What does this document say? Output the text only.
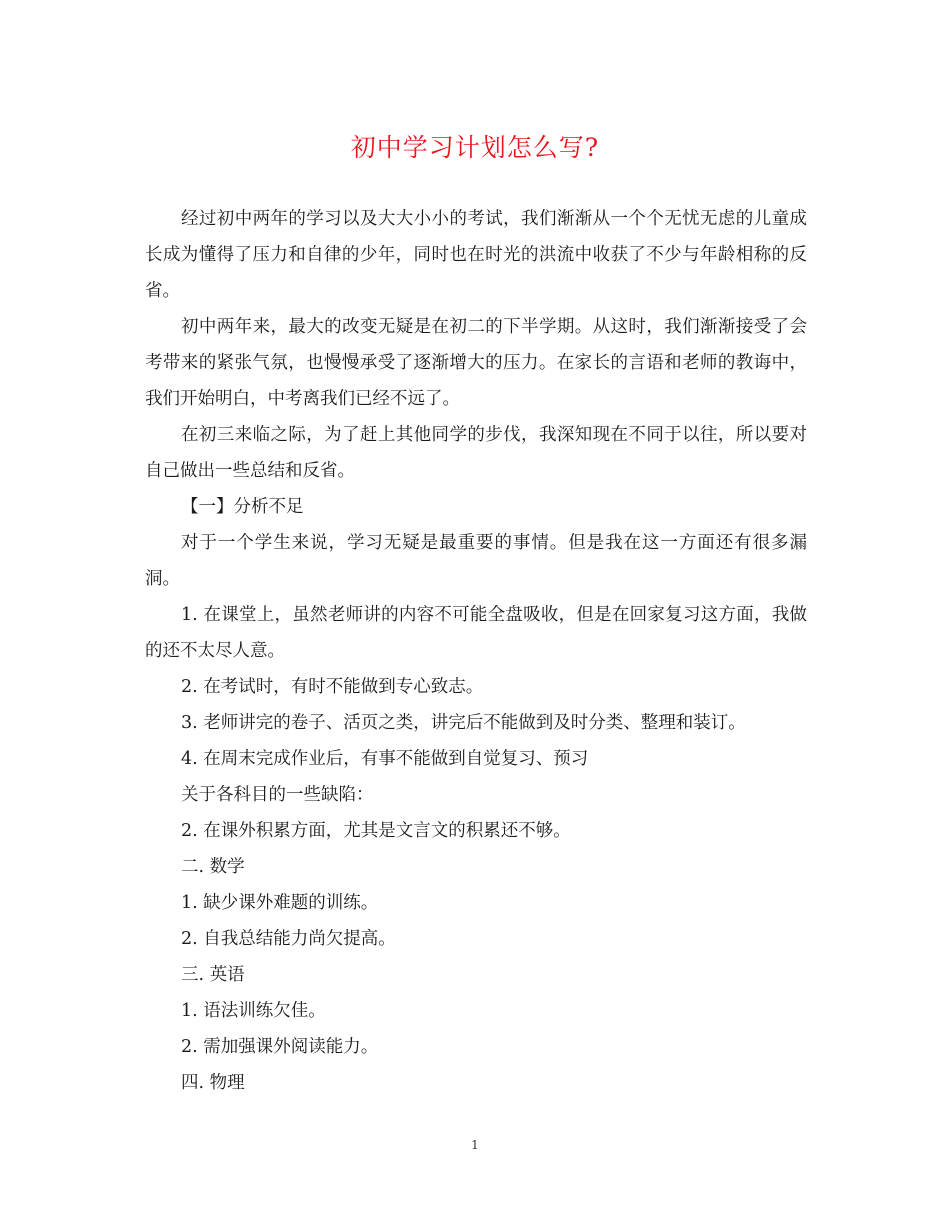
初中学习计划怎么写?

经过初中两年的学习以及大大小小的考试，我们渐渐从一个个无忧无虑的儿童成长成为懂得了压力和自律的少年，同时也在时光的洪流中收获了不少与年龄相称的反省。

初中两年来，最大的改变无疑是在初二的下半学期。从这时，我们渐渐接受了会考带来的紧张气氛，也慢慢承受了逐渐增大的压力。在家长的言语和老师的教诲中，我们开始明白，中考离我们已经不远了。

在初三来临之际，为了赶上其他同学的步伐，我深知现在不同于以往，所以要对自己做出一些总结和反省。

【一】分析不足

对于一个学生来说，学习无疑是最重要的事情。但是我在这一方面还有很多漏洞。

1. 在课堂上，虽然老师讲的内容不可能全盘吸收，但是在回家复习这方面，我做的还不太尽人意。

2. 在考试时，有时不能做到专心致志。

3. 老师讲完的卷子、活页之类，讲完后不能做到及时分类、整理和装订。

4. 在周末完成作业后，有事不能做到自觉复习、预习

关于各科目的一些缺陷：

2. 在课外积累方面，尤其是文言文的积累还不够。

二. 数学

1. 缺少课外难题的训练。

2. 自我总结能力尚欠提高。

三. 英语

1. 语法训练欠佳。

2. 需加强课外阅读能力。

四. 物理

1
